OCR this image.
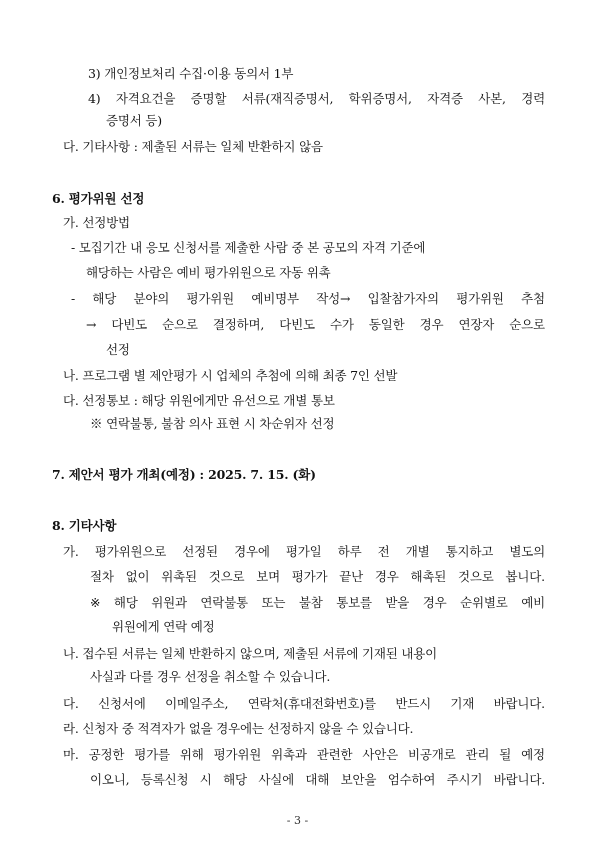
3) 개인정보처리 수집·이용 동의서 1부
4) 자격요건을 증명할 서류(재직증명서, 학위증명서, 자격증 사본, 경력
증명서 등)
다. 기타사항 : 제출된 서류는 일체 반환하지 않음
6. 평가위원 선정
가. 선정방법
- 모집기간 내 응모 신청서를 제출한 사람 중 본 공모의 자격 기준에
해당하는 사람은 예비 평가위원으로 자동 위촉
- 해당 분야의 평가위원 예비명부 작성→ 입찰참가자의 평가위원 추첨
→ 다빈도 순으로 결정하며, 다빈도 수가 동일한 경우 연장자 순으로
선정
나. 프로그램 별 제안평가 시 업체의 추첨에 의해 최종 7인 선발
다. 선정통보 : 해당 위원에게만 유선으로 개별 통보
※ 연락불통, 불참 의사 표현 시 차순위자 선정
7. 제안서 평가 개최(예정) : 2025. 7. 15. (화)
8. 기타사항
가. 평가위원으로 선정된 경우에 평가일 하루 전 개별 통지하고 별도의
절차 없이 위촉된 것으로 보며 평가가 끝난 경우 해촉된 것으로 봅니다.
※ 해당 위원과 연락불통 또는 불참 통보를 받을 경우 순위별로 예비
위원에게 연락 예정
나. 접수된 서류는 일체 반환하지 않으며, 제출된 서류에 기재된 내용이
사실과 다를 경우 선정을 취소할 수 있습니다.
다. 신청서에 이메일주소, 연락처(휴대전화번호)를 반드시 기재 바랍니다.
라. 신청자 중 적격자가 없을 경우에는 선정하지 않을 수 있습니다.
마. 공정한 평가를 위해 평가위원 위촉과 관련한 사안은 비공개로 관리 될 예정
이오니, 등록신청 시 해당 사실에 대해 보안을 엄수하여 주시기 바랍니다.
- 3 -
